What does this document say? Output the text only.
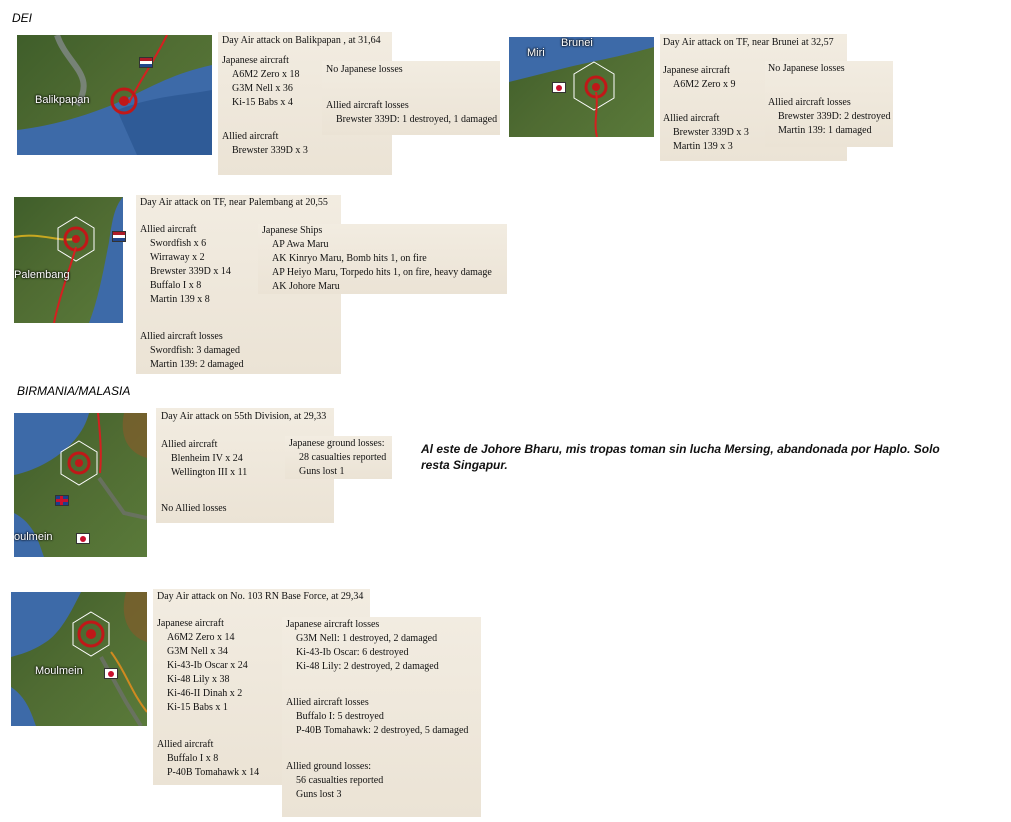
DEI
Balikpapan
Day Air attack on Balikpapan , at 31,64
Japanese aircraft
A6M2 Zero x 18
G3M Nell x 36
Ki-15 Babs x 4
Allied aircraft
Brewster 339D x 3
No Japanese losses
Allied aircraft losses
Brewster 339D: 1 destroyed, 1 damaged
Miri
Brunei	Day Air attack on TF, near Brunei at 32,57
Japanese aircraft
A6M2 Zero x 9
Allied aircraft
Brewster 339D x 3
Martin 139 x 3
No Japanese losses
Allied aircraft losses
Brewster 339D: 2 destroyed
Martin 139: 1 damaged
Palembang
Day Air attack on TF, near Palembang at 20,55
Allied aircraft
Swordfish x 6
Wirraway x 2
Brewster 339D x 14
Buffalo I x 8
Martin 139 x 8
Allied aircraft losses
Swordfish: 3 damaged
Martin 139: 2 damaged
Japanese Ships
AP Awa Maru
AK Kinryo Maru, Bomb hits 1, on fire
AP Heiyo Maru, Torpedo hits 1, on fire, heavy damage
AK Johore Maru
BIRMANIA/MALASIA
oulmein
Day Air attack on 55th Division, at 29,33
Allied aircraft
Blenheim IV x 24
Wellington III x 11
No Allied losses
Japanese ground losses:
28 casualties reported
Guns lost 1
Al este de Johore Bharu, mis tropas toman sin lucha Mersing, abandonada por Haplo. Solo resta Singapur.
Moulmein
Day Air attack on No. 103 RN Base Force, at 29,34
Japanese aircraft
A6M2 Zero x 14
G3M Nell x 34
Ki-43-Ib Oscar x 24
Ki-48 Lily x 38
Ki-46-II Dinah x 2
Ki-15 Babs x 1
Allied aircraft
Buffalo I x 8
P-40B Tomahawk x 14
Japanese aircraft losses
G3M Nell: 1 destroyed, 2 damaged
Ki-43-Ib Oscar: 6 destroyed
Ki-48 Lily: 2 destroyed, 2 damaged
Allied aircraft losses
Buffalo I: 5 destroyed
P-40B Tomahawk: 2 destroyed, 5 damaged
Allied ground losses:
56 casualties reported
Guns lost 3
